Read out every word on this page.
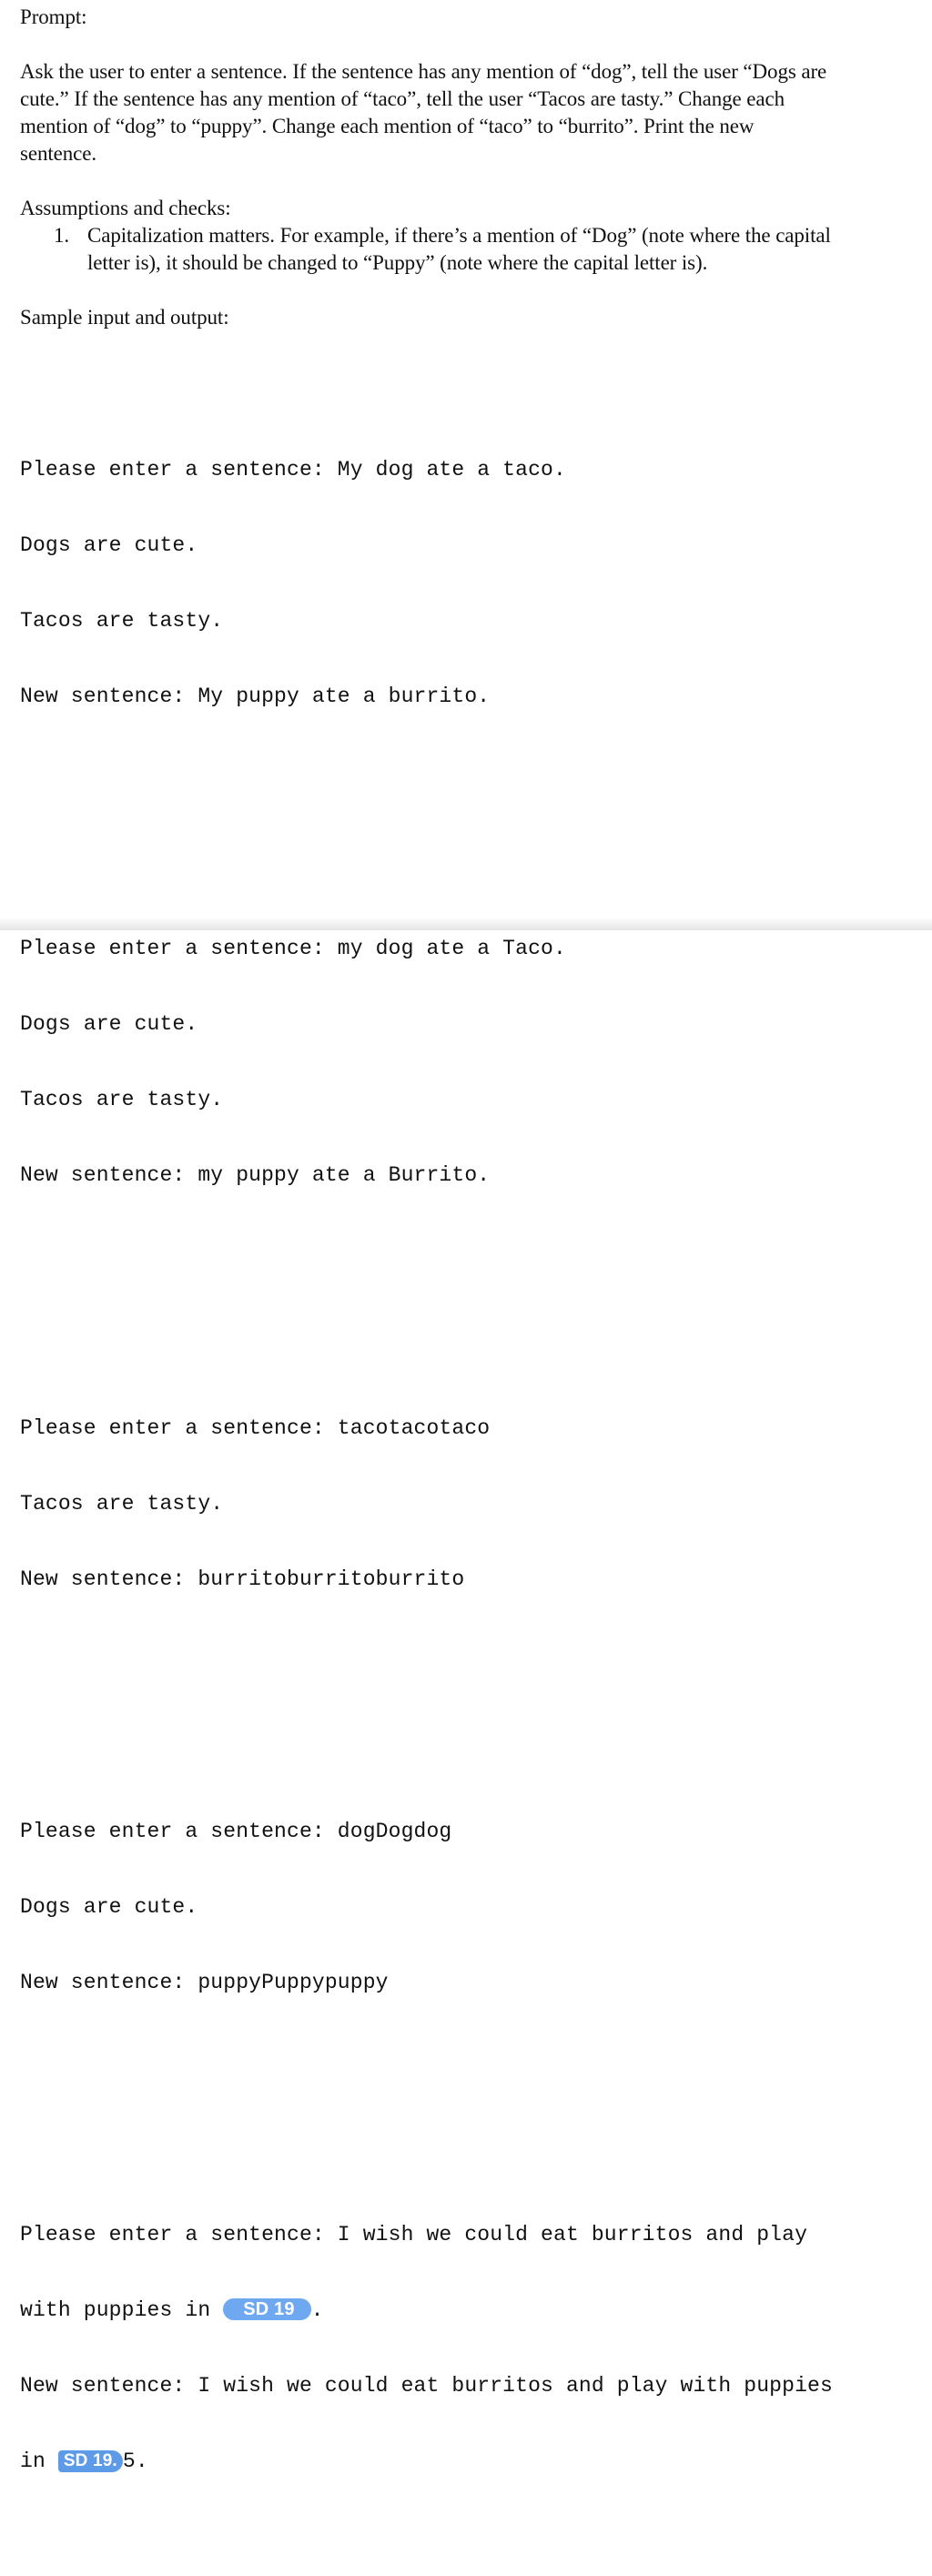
Prompt:

Ask the user to enter a sentence. If the sentence has any mention of “dog”, tell the user “Dogs are

cute.” If the sentence has any mention of “taco”, tell the user “Tacos are tasty.” Change each

mention of “dog” to “puppy”. Change each mention of “taco” to “burrito”. Print the new

sentence.

Assumptions and checks:

1. Capitalization matters. For example, if there’s a mention of “Dog” (note where the capital
letter is), it should be changed to “Puppy” (note where the capital letter is).

Sample input and output:

Please enter a sentence: My dog ate a taco.

Dogs are cute.

Tacos are tasty.

New sentence: My puppy ate a burrito.

Please enter a sentence: my dog ate a Taco.

Dogs are cute.

Tacos are tasty.

New sentence: my puppy ate a Burrito.

Please enter a sentence: tacotacotaco

Tacos are tasty.

New sentence: burritoburritoburrito

Please enter a sentence: dogDogdog

Dogs are cute.

New sentence: puppyPuppypuppy

Please enter a sentence: I wish we could eat burritos and play

with puppies in SD 19 .

New sentence: I wish we could eat burritos and play with puppies

in SD 19. 5.
